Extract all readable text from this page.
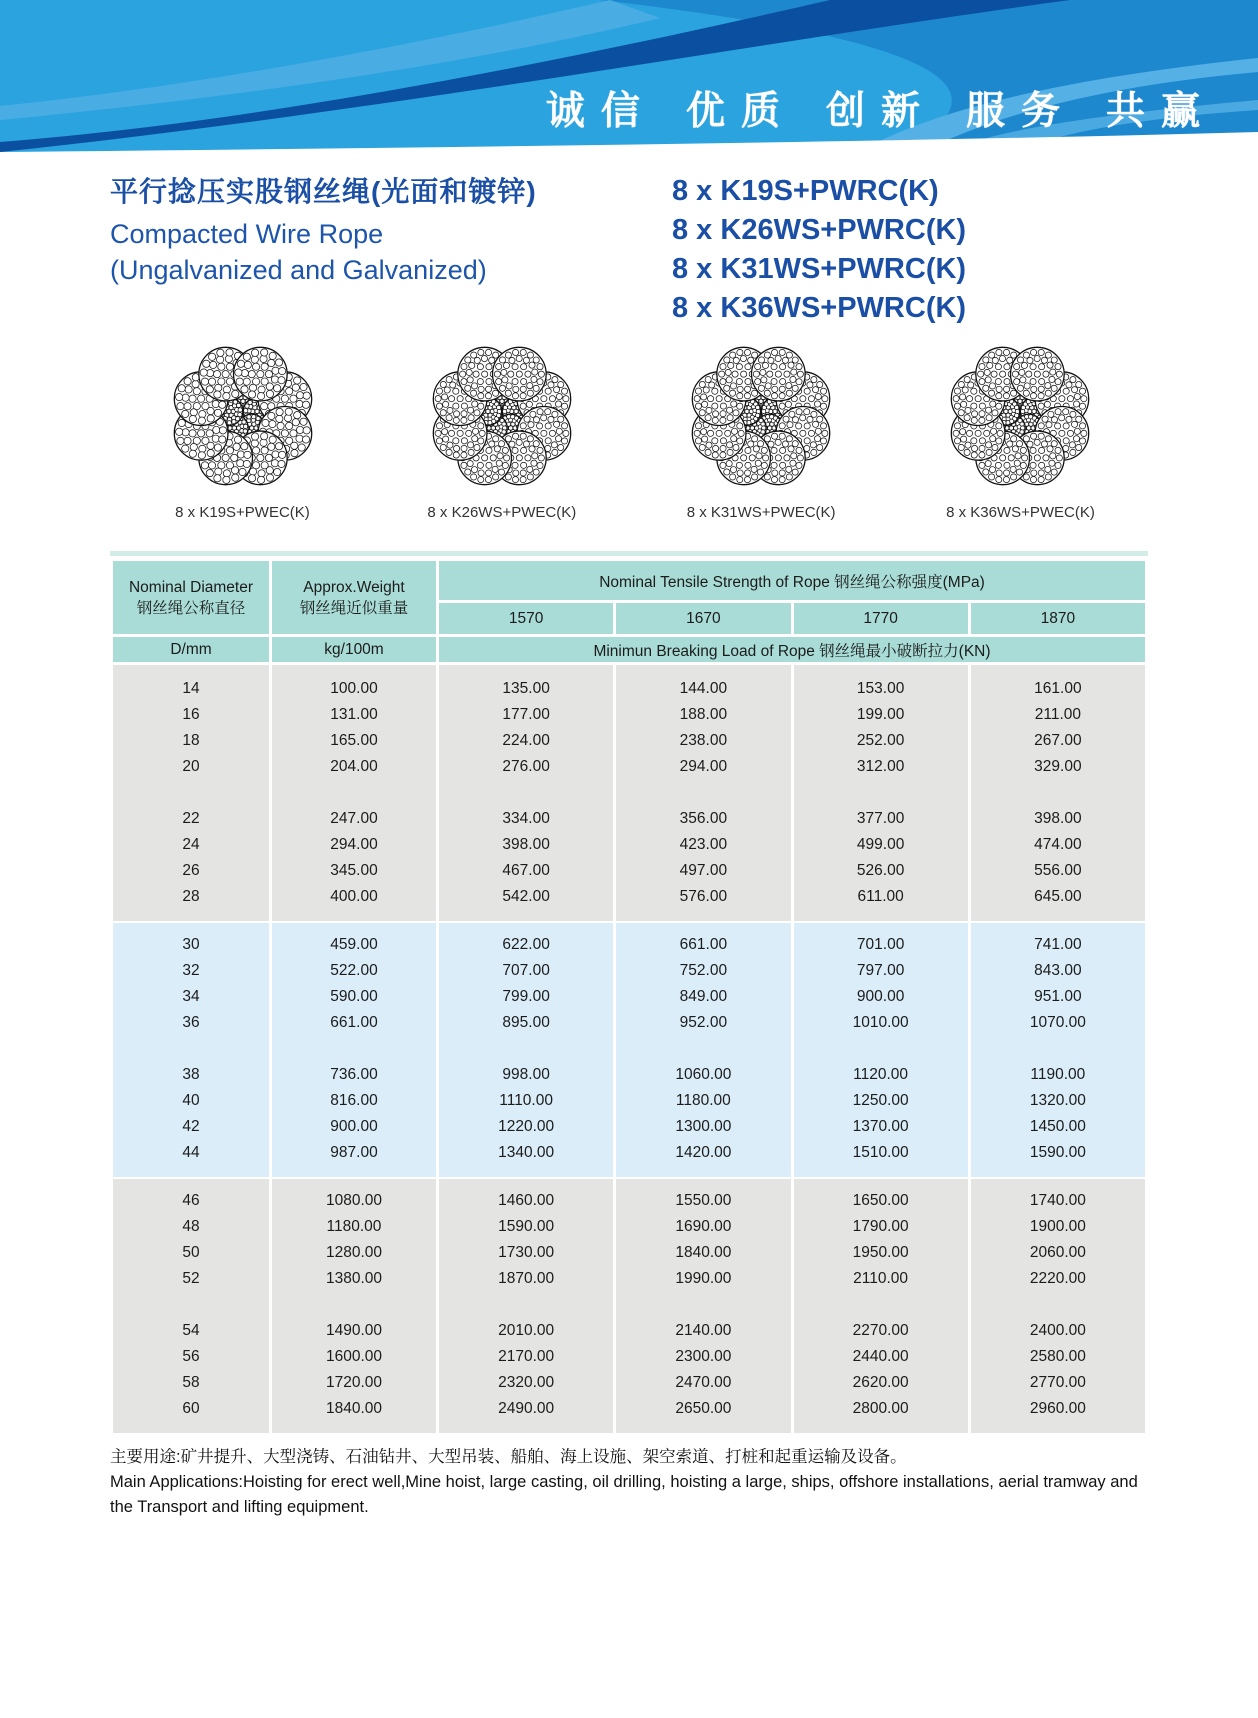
诚信 优质 创新 服务 共赢
平行捻压实股钢丝绳(光面和镀锌)
Compacted Wire Rope
(Ungalvanized and Galvanized)
8 x K19S+PWRC(K)
8 x K26WS+PWRC(K)
8 x K31WS+PWRC(K)
8 x K36WS+PWRC(K)
8 x K19S+PWEC(K)	8 x K26WS+PWEC(K)	8 x K31WS+PWEC(K)	8 x K36WS+PWEC(K)
Nominal Diameter
钢丝绳公称直径

Approx.Weight
钢丝绳近似重量
	Nominal Tensile Strength of Rope 钢丝绳公称强度(MPa)
		1570	1670	1770	1870
D/mm	kg/100m	Minimun Breaking Load of Rope 钢丝绳最小破断拉力(KN)			

14	100.00	135.00	144.00	153.00	161.00
16	131.00	177.00	188.00	199.00	211.00
18	165.00	224.00	238.00	252.00	267.00
20	204.00	276.00	294.00	312.00	329.00

22	247.00	334.00	356.00	377.00	398.00
24	294.00	398.00	423.00	499.00	474.00
26	345.00	467.00	497.00	526.00	556.00
28	400.00	542.00	576.00	611.00	645.00

30	459.00	622.00	661.00	701.00	741.00
32	522.00	707.00	752.00	797.00	843.00
34	590.00	799.00	849.00	900.00	951.00
36	661.00	895.00	952.00	1010.00	1070.00

38	736.00	998.00	1060.00	1120.00	1190.00
40	816.00	1110.00	1180.00	1250.00	1320.00
42	900.00	1220.00	1300.00	1370.00	1450.00
44	987.00	1340.00	1420.00	1510.00	1590.00

46	1080.00	1460.00	1550.00	1650.00	1740.00
48	1180.00	1590.00	1690.00	1790.00	1900.00
50	1280.00	1730.00	1840.00	1950.00	2060.00
52	1380.00	1870.00	1990.00	2110.00	2220.00

54	1490.00	2010.00	2140.00	2270.00	2400.00
56	1600.00	2170.00	2300.00	2440.00	2580.00
58	1720.00	2320.00	2470.00	2620.00	2770.00
60	1840.00	2490.00	2650.00	2800.00	2960.00

主要用途:矿井提升、大型浇铸、石油钻井、大型吊装、船舶、海上设施、架空索道、打桩和起重运输及设备。

Main Applications:Hoisting for erect well,Mine hoist, large casting, oil drilling, hoisting a large, ships, offshore installations, aerial tramway and the Transport and lifting equipment.
